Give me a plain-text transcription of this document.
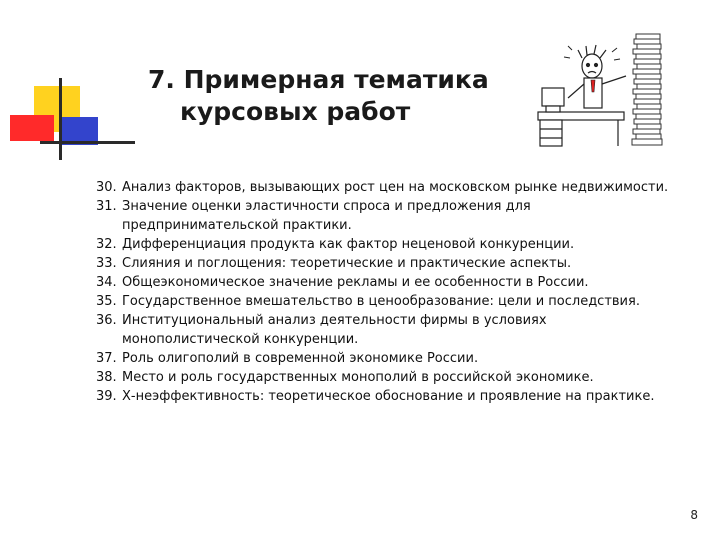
7. Примерная тематика
курсовых работ
30. Анализ факторов, вызывающих рост цен на московском рынке недвижимости.
31. Значение оценки эластичности спроса и предложения для предпринимательской практики.
32. Дифференциация продукта как фактор неценовой конкуренции.
33. Слияния и поглощения: теоретические и практические аспекты.
34. Общеэкономическое значение рекламы и ее особенности в России.
35. Государственное вмешательство в ценообразование: цели и последствия.
36. Институциональный анализ деятельности фирмы в условиях монополистической конкуренции.
37. Роль олигополий в современной экономике России.
38. Место и роль государственных монополий в российской экономике.
39. Х-неэффективность: теоретическое обоснование и проявление на практике.
8
